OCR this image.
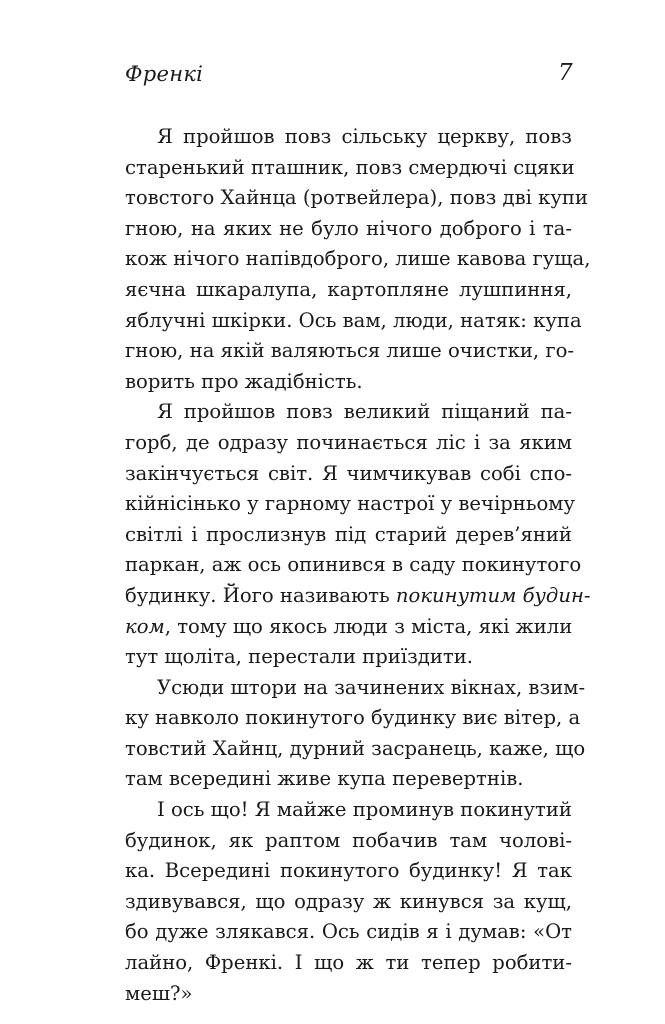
Френкі	7

Я пройшов повз сільську церкву, повз
старенький пташник, повз смердючі сцяки
товстого Хайнца (ротвейлера), повз дві купи
гною, на яких не було нічого доброго і та-
кож нічого напівдоброго, лише кавова гуща,
яєчна шкаралупа, картопляне лушпиння,
яблучні шкірки. Ось вам, люди, натяк: купа
гною, на якій валяються лише очистки, го-
ворить про жадібність.

Я пройшов повз великий піщаний па-
горб, де одразу починається ліс і за яким
закінчується світ. Я чимчикував собі спо-
кійнісінько у гарному настрої у вечірньому
світлі і прослизнув під старий дерев’яний
паркан, аж ось опинився в саду покинутого
будинку. Його називають покинутим будин-
ком, тому що якось люди з міста, які жили
тут щоліта, перестали приїздити.

Усюди штори на зачинених вікнах, взим-
ку навколо покинутого будинку виє вітер, а
товстий Хайнц, дурний засранець, каже, що
там всередині живе купа перевертнів.

І ось що! Я майже проминув покинутий
будинок, як раптом побачив там чолові-
ка. Всередині покинутого будинку! Я так
здивувався, що одразу ж кинувся за кущ,
бо дуже злякався. Ось сидів я і думав: «От
лайно, Френкі. І що ж ти тепер робити-
меш?»
